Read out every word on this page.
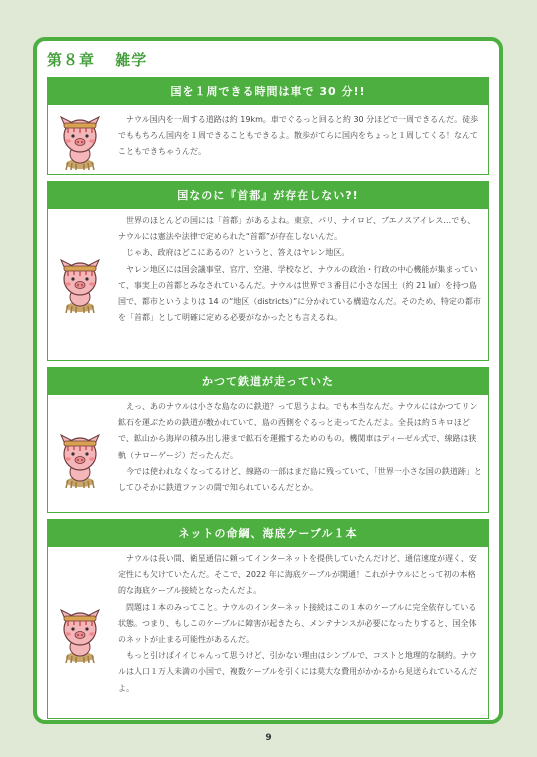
第８章 雑学
国を１周できる時間は車で 30 分!!

ナウル国内を一周する道路は約 19km。車でぐるっと回ると約 30 分ほどで一周できるんだ。徒歩でももちろん国内を１周できることもできるよ。散歩がてらに国内をちょっと１周してくる！なんてこともできちゃうんだ。

国なのに『首都』が存在しない?!

世界のほとんどの国には「首都」があるよね。東京、パリ、ナイロビ、ブエノスアイレス…でも、ナウルには憲法や法律で定められた“首都”が存在しないんだ。

じゃあ、政府はどこにあるの？というと、答えはヤレン地区。

ヤレン地区には国会議事堂、官庁、空港、学校など、ナウルの政治・行政の中心機能が集まっていて、事実上の首都とみなされているんだ。ナウルは世界で３番目に小さな国土（約 21 ㎢）を持つ島国で、都市というよりは 14 の“地区（districts）”に分かれている構造なんだ。そのため、特定の都市を「首都」として明確に定める必要がなかったとも言えるね。

かつて鉄道が走っていた

えっ、あのナウルは小さな島なのに鉄道？って思うよね。でも本当なんだ。ナウルにはかつてリン鉱石を運ぶための鉄道が敷かれていて、島の西側をぐるっと走ってたんだよ。全長は約５キロほどで、鉱山から海岸の積み出し港まで鉱石を運搬するためのもの。機関車はディーゼル式で、線路は狭軌（ナローゲージ）だったんだ。

今では使われなくなってるけど、線路の一部はまだ島に残っていて、「世界一小さな国の鉄道跡」としてひそかに鉄道ファンの間で知られているんだとか。

ネットの命綱、海底ケーブル１本

ナウルは長い間、衛星通信に頼ってインターネットを提供していたんだけど、通信速度が遅く、安定性にも欠けていたんだ。そこで、2022 年に海底ケーブルが開通！これがナウルにとって初の本格的な海底ケーブル接続となったんだよ。

問題は１本のみってこと。ナウルのインターネット接続はこの１本のケーブルに完全依存している状態。つまり、もしこのケーブルに障害が起きたら、メンテナンスが必要になったりすると、国全体のネットが止まる可能性があるんだ。

もっと引けばイイじゃんって思うけど、引かない理由はシンプルで、コストと地理的な制約。ナウルは人口１万人未満の小国で、複数ケーブルを引くには莫大な費用がかかるから見送られているんだよ。

9
